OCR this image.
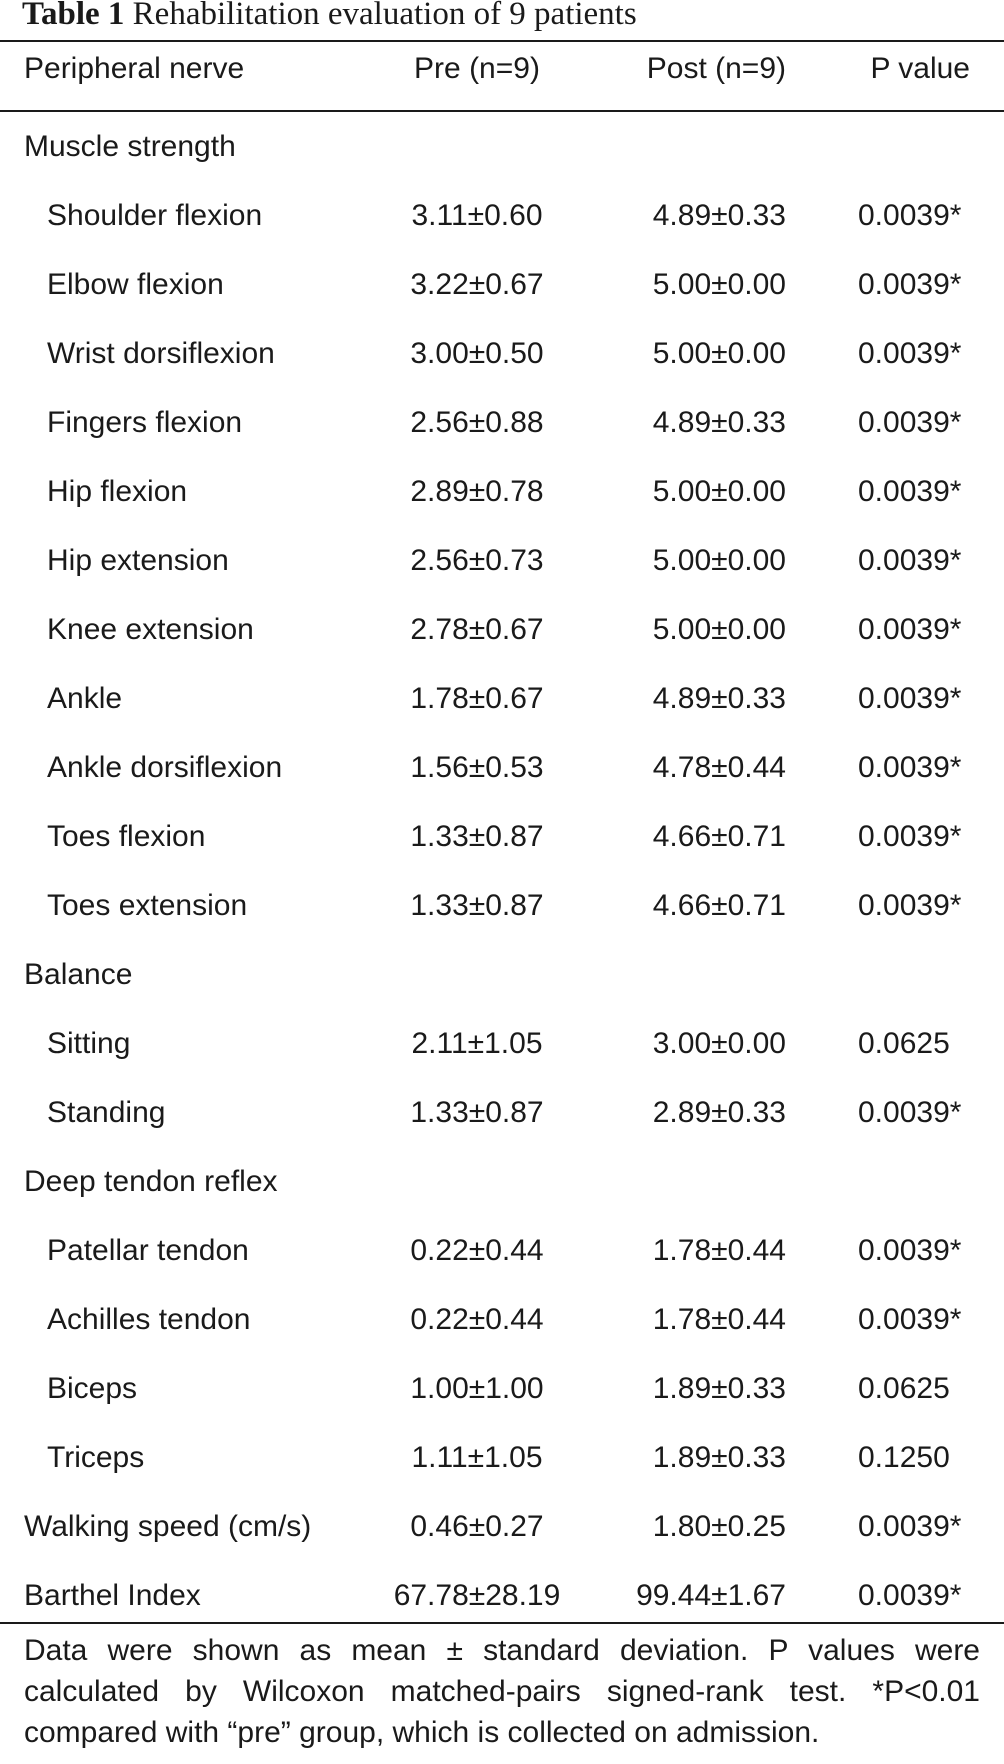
Table 1 Rehabilitation evaluation of 9 patients
Peripheral nerve	Pre (n=9)	Post (n=9)	P value
Muscle strength
Shoulder flexion	3.11±0.60	4.89±0.33 0.0039*
Elbow flexion	3.22±0.67	5.00±0.00 0.0039*
Wrist dorsiflexion	3.00±0.50	5.00±0.00 0.0039*
Fingers flexion	2.56±0.88	4.89±0.33 0.0039*
Hip flexion	2.89±0.78	5.00±0.00 0.0039*
Hip extension	2.56±0.73	5.00±0.00 0.0039*
Knee extension	2.78±0.67	5.00±0.00 0.0039*
Ankle	1.78±0.67	4.89±0.33 0.0039*
Ankle dorsiflexion	1.56±0.53	4.78±0.44 0.0039*
Toes flexion	1.33±0.87	4.66±0.71 0.0039*
Toes extension	1.33±0.87	4.66±0.71 0.0039*
Balance
Sitting	2.11±1.05	3.00±0.00 0.0625
Standing	1.33±0.87	2.89±0.33 0.0039*
Deep tendon reflex
Patellar tendon	0.22±0.44	1.78±0.44 0.0039*
Achilles tendon	0.22±0.44	1.78±0.44 0.0039*
Biceps	1.00±1.00	1.89±0.33 0.0625
Triceps	1.11±1.05	1.89±0.33 0.1250
Walking speed (cm/s)	0.46±0.27	1.80±0.25 0.0039*
Barthel Index	67.78±28.19	99.44±1.67 0.0039*
Data were shown as mean ± standard deviation. P values were calculated by Wilcoxon matched-pairs signed-rank test. *P<0.01 compared with “pre” group, which is collected on admission.
